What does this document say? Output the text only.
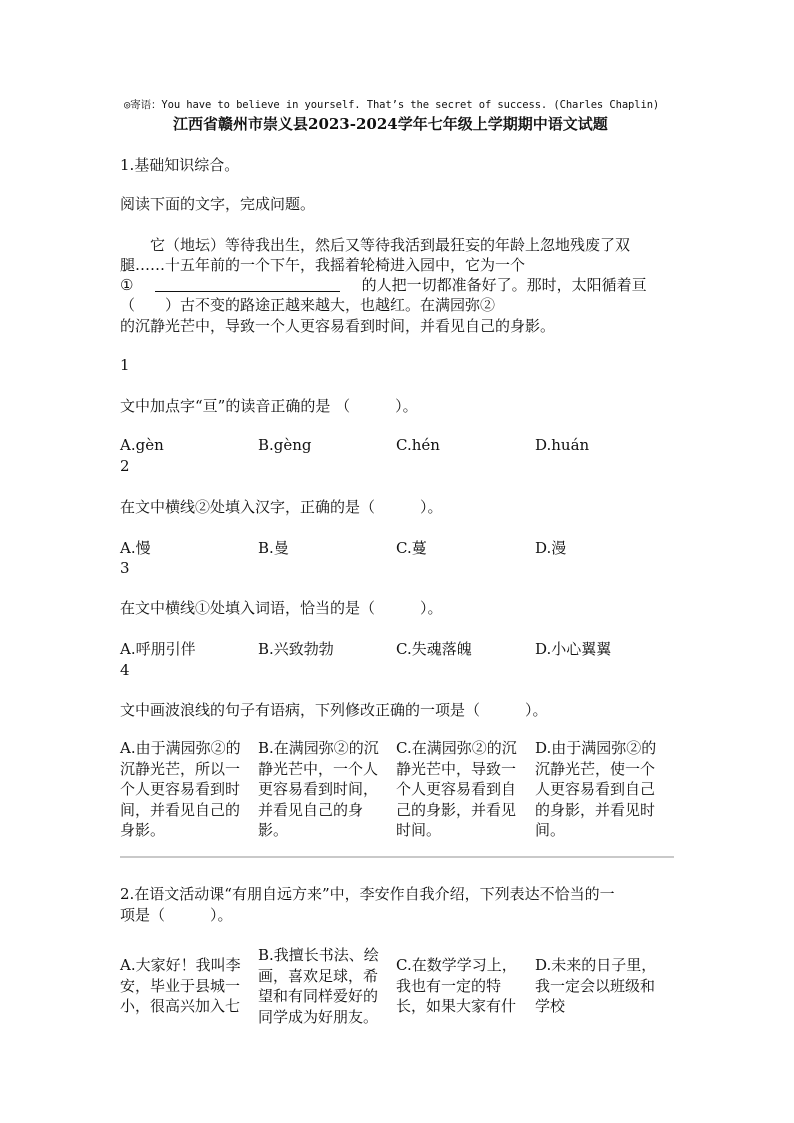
◎寄语：You have to believe in yourself. That’s the secret of success. (Charles Chaplin)
江西省赣州市崇义县2023-2024学年七年级上学期期中语文试题
1.基础知识综合。
阅读下面的文字，完成问题。
它（地坛）等待我出生，然后又等待我活到最狂妄的年龄上忽地残废了双
腿……十五年前的一个下午，我摇着轮椅进入园中，它为一个
①	的人把一切都准备好了。那时，太阳循着亘
（　　）古不变的路途正越来越大，也越红。在满园弥②
的沉静光芒中，导致一个人更容易看到时间，并看见自己的身影。
1
文中加点字“亘”的读音正确的是 （　　　）。
A.gèn	B.gèng	C.hén	D.huán
2
在文中横线②处填入汉字，正确的是（　　　）。
A.慢	B.曼	C.蔓	D.漫
3
在文中横线①处填入词语，恰当的是（　　　）。
A.呼朋引伴	B.兴致勃勃	C.失魂落魄	D.小心翼翼
4
文中画波浪线的句子有语病，下列修改正确的一项是（　　　）。
A.由于满园弥②的沉静光芒，所以一个人更容易看到时间，并看见自己的身影。
B.在满园弥②的沉静光芒中，一个人更容易看到时间，并看见自己的身影。
C.在满园弥②的沉静光芒中，导致一个人更容易看到自己的身影，并看见时间。
D.由于满园弥②的沉静光芒，使一个人更容易看到自己的身影，并看见时间。
2.在语文活动课“有朋自远方来”中，李安作自我介绍，下列表达不恰当的一
项是（　　　）。
A.大家好！我叫李安，毕业于县城一小，很高兴加入七
B.我擅长书法、绘画，喜欢足球，希望和有同样爱好的同学成为好朋友。
C.在数学学习上，我也有一定的特长，如果大家有什
D.未来的日子里，我一定会以班级和学校
